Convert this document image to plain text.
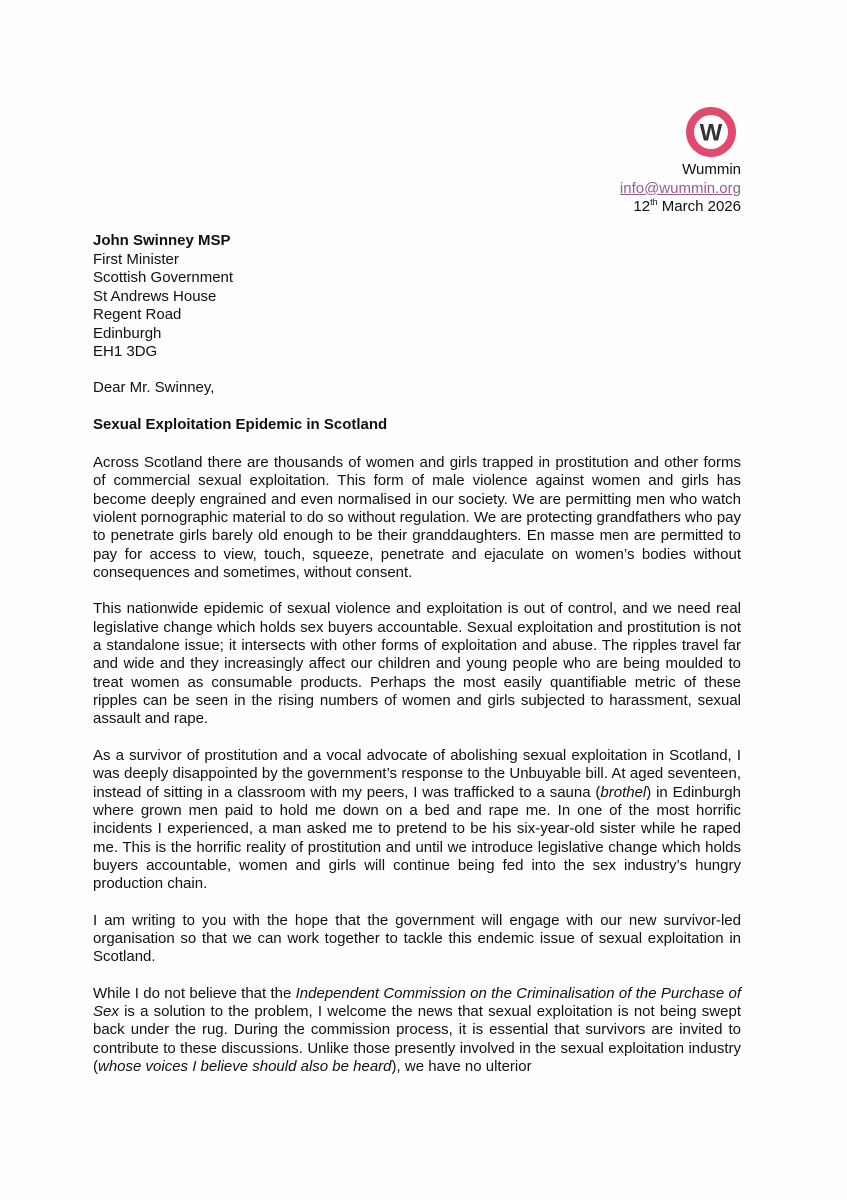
W
Wummin
info@wummin.org
12th March 2026
John Swinney MSP
First Minister
Scottish Government
St Andrews House
Regent Road
Edinburgh
EH1 3DG
Dear Mr. Swinney,
Sexual Exploitation Epidemic in Scotland

Across Scotland there are thousands of women and girls trapped in prostitution and other forms of commercial sexual exploitation. This form of male violence against women and girls has become deeply engrained and even normalised in our society. We are permitting men who watch violent pornographic material to do so without regulation. We are protecting grandfathers who pay to penetrate girls barely old enough to be their granddaughters. En masse men are permitted to pay for access to view, touch, squeeze, penetrate and ejaculate on women’s bodies without consequences and sometimes, without consent.

This nationwide epidemic of sexual violence and exploitation is out of control, and we need real legislative change which holds sex buyers accountable. Sexual exploitation and prostitution is not a standalone issue; it intersects with other forms of exploitation and abuse. The ripples travel far and wide and they increasingly affect our children and young people who are being moulded to treat women as consumable products. Perhaps the most easily quantifiable metric of these ripples can be seen in the rising numbers of women and girls subjected to harassment, sexual assault and rape.

As a survivor of prostitution and a vocal advocate of abolishing sexual exploitation in Scotland, I was deeply disappointed by the government’s response to the Unbuyable bill. At aged seventeen, instead of sitting in a classroom with my peers, I was trafficked to a sauna (brothel) in Edinburgh where grown men paid to hold me down on a bed and rape me. In one of the most horrific incidents I experienced, a man asked me to pretend to be his six-year-old sister while he raped me. This is the horrific reality of prostitution and until we introduce legislative change which holds buyers accountable, women and girls will continue being fed into the sex industry’s hungry production chain.

I am writing to you with the hope that the government will engage with our new survivor-led organisation so that we can work together to tackle this endemic issue of sexual exploitation in Scotland.

While I do not believe that the Independent Commission on the Criminalisation of the Purchase of Sex is a solution to the problem, I welcome the news that sexual exploitation is not being swept back under the rug. During the commission process, it is essential that survivors are invited to contribute to these discussions. Unlike those presently involved in the sexual exploitation industry (whose voices I believe should also be heard), we have no ulterior
